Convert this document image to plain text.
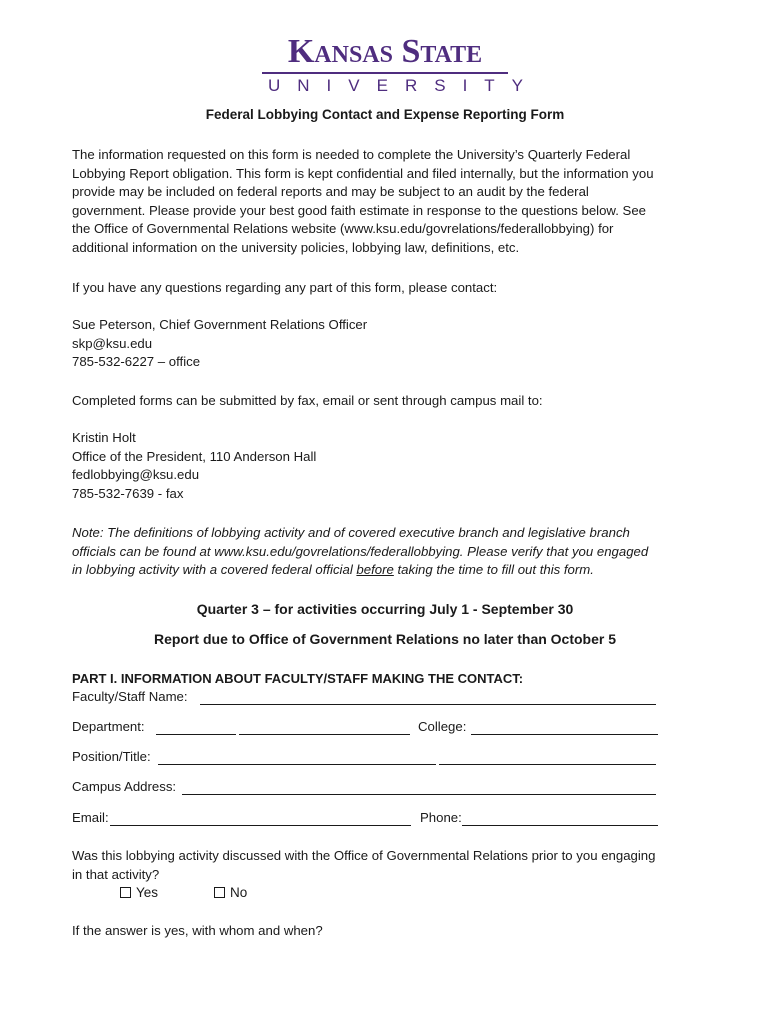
Kansas State
UNIVERSITY
Federal Lobbying Contact and Expense Reporting Form
The information requested on this form is needed to complete the University’s Quarterly Federal
Lobbying Report obligation. This form is kept confidential and filed internally, but the information you
provide may be included on federal reports and may be subject to an audit by the federal
government. Please provide your best good faith estimate in response to the questions below. See
the Office of Governmental Relations website (www.ksu.edu/govrelations/federallobbying) for
additional information on the university policies, lobbying law, definitions, etc.
If you have any questions regarding any part of this form, please contact:
Sue Peterson, Chief Government Relations Officer
skp@ksu.edu
785-532-6227 – office
Completed forms can be submitted by fax, email or sent through campus mail to:
Kristin Holt
Office of the President, 110 Anderson Hall
fedlobbying@ksu.edu
785-532-7639 - fax
Note: The definitions of lobbying activity and of covered executive branch and legislative branch
officials can be found at www.ksu.edu/govrelations/federallobbying. Please verify that you engaged
in lobbying activity with a covered federal official before taking the time to fill out this form.
Quarter 3 – for activities occurring July 1 - September 30
Report due to Office of Government Relations no later than October 5
PART I. INFORMATION ABOUT FACULTY/STAFF MAKING THE CONTACT:
Faculty/Staff Name:
Department:	College:
Position/Title:
Campus Address:
Email:	Phone:
Was this lobbying activity discussed with the Office of Governmental Relations prior to you engaging
in that activity?
Yes	No
If the answer is yes, with whom and when?
